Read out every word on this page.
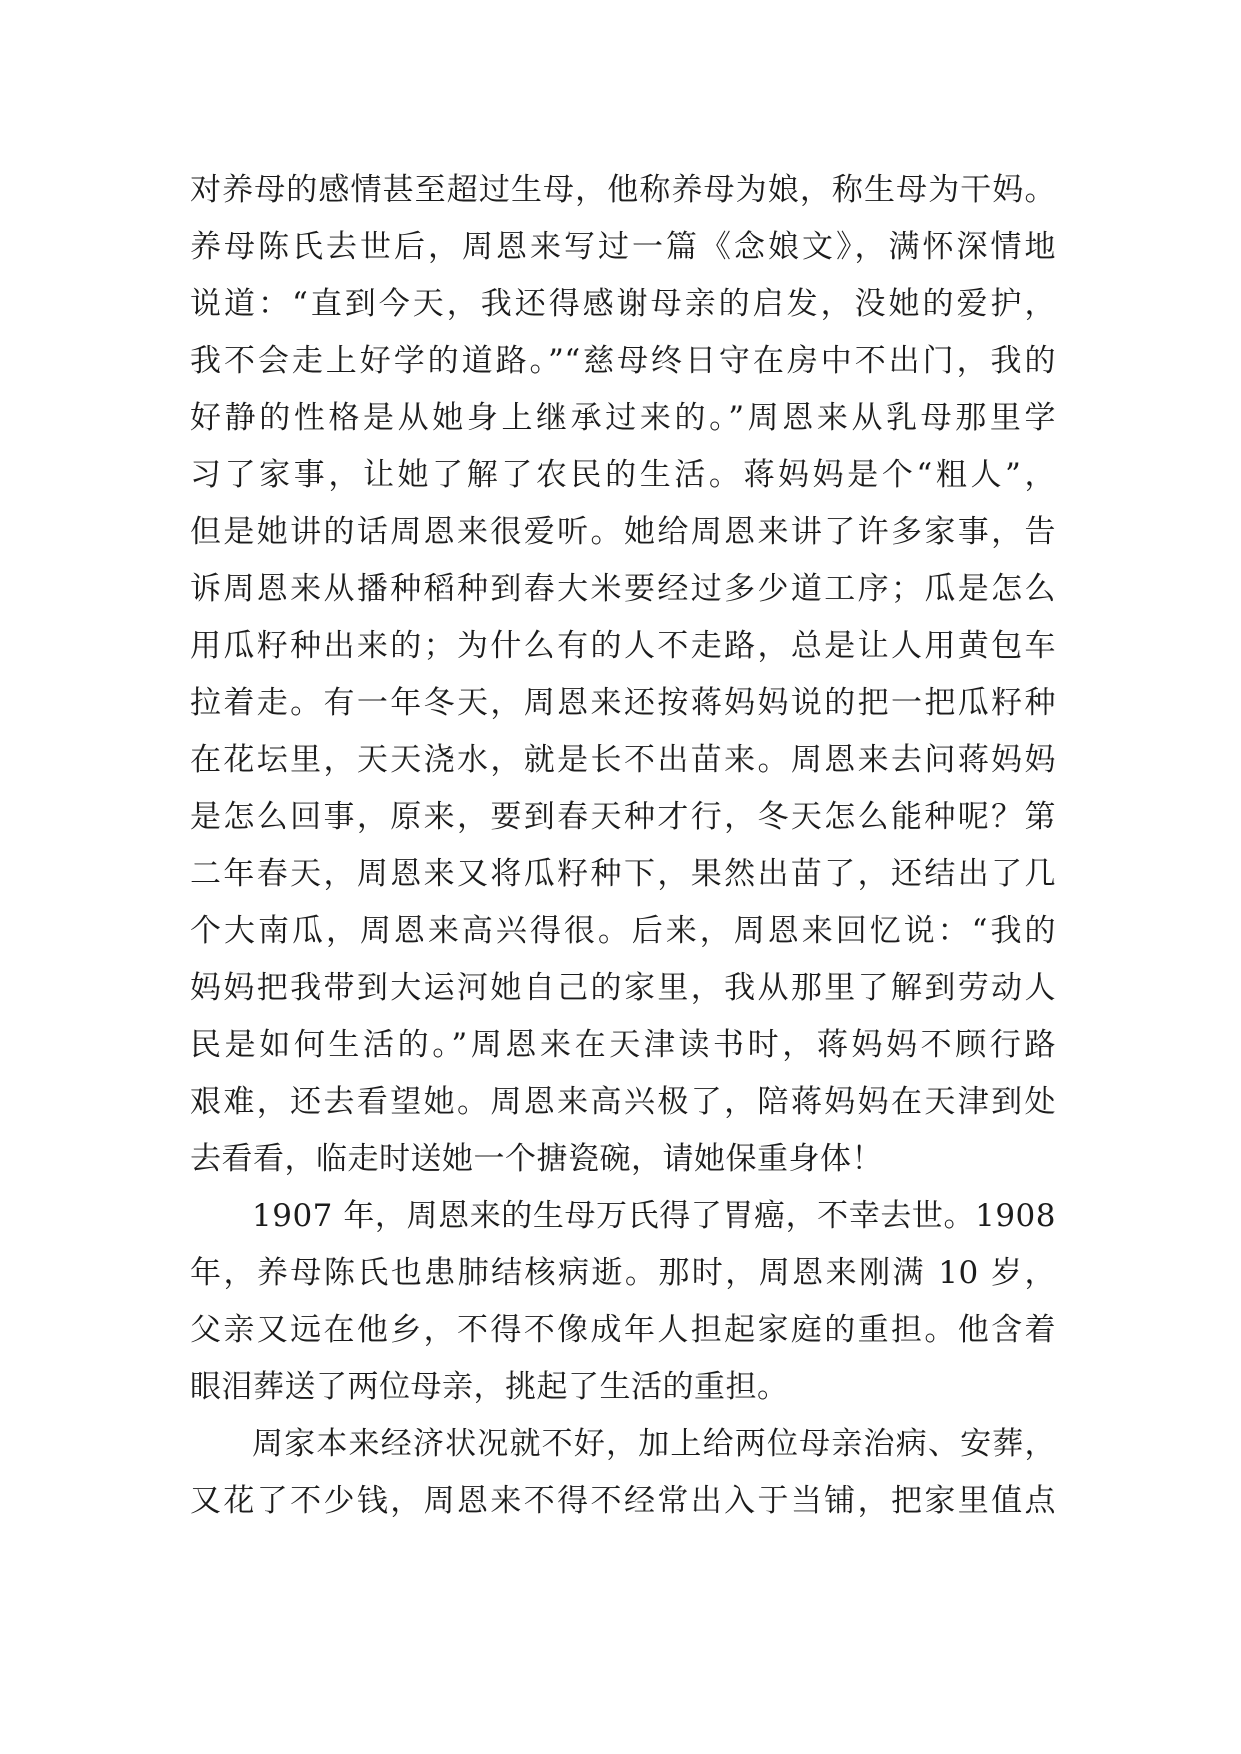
对养母的感情甚至超过生母，他称养母为娘，称生母为干妈。
养母陈氏去世后，周恩来写过一篇《念娘文》，满怀深情地
说道：“直到今天，我还得感谢母亲的启发，没她的爱护，
我不会走上好学的道路。”“慈母终日守在房中不出门，我的
好静的性格是从她身上继承过来的。”周恩来从乳母那里学
习了家事，让她了解了农民的生活。蒋妈妈是个“粗人”，
但是她讲的话周恩来很爱听。她给周恩来讲了许多家事，告
诉周恩来从播种稻种到舂大米要经过多少道工序；瓜是怎么
用瓜籽种出来的；为什么有的人不走路，总是让人用黄包车
拉着走。有一年冬天，周恩来还按蒋妈妈说的把一把瓜籽种
在花坛里，天天浇水，就是长不出苗来。周恩来去问蒋妈妈
是怎么回事，原来，要到春天种才行，冬天怎么能种呢？第
二年春天，周恩来又将瓜籽种下，果然出苗了，还结出了几
个大南瓜，周恩来高兴得很。后来，周恩来回忆说：“我的
妈妈把我带到大运河她自己的家里，我从那里了解到劳动人
民是如何生活的。”周恩来在天津读书时，蒋妈妈不顾行路
艰难，还去看望她。周恩来高兴极了，陪蒋妈妈在天津到处
去看看，临走时送她一个搪瓷碗，请她保重身体！
1907 年，周恩来的生母万氏得了胃癌，不幸去世。1908
年，养母陈氏也患肺结核病逝。那时，周恩来刚满 10 岁，
父亲又远在他乡，不得不像成年人担起家庭的重担。他含着
眼泪葬送了两位母亲，挑起了生活的重担。
周家本来经济状况就不好，加上给两位母亲治病、安葬，
又花了不少钱，周恩来不得不经常出入于当铺，把家里值点
